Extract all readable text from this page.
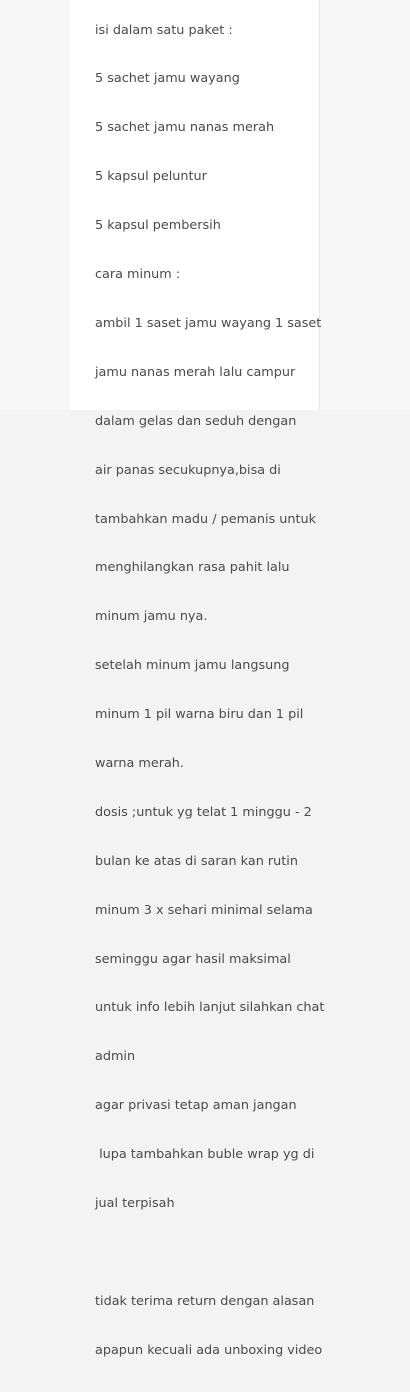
isi dalam satu paket :

5 sachet jamu wayang

5 sachet jamu nanas merah

5 kapsul peluntur

5 kapsul pembersih

cara minum :

ambil 1 saset jamu wayang 1 saset

jamu nanas merah lalu campur

dalam gelas dan seduh dengan

air panas secukupnya,bisa di

tambahkan madu / pemanis untuk

menghilangkan rasa pahit lalu

minum jamu nya.

setelah minum jamu langsung

minum 1 pil warna biru dan 1 pil

warna merah.

dosis ;untuk yg telat 1 minggu - 2

bulan ke atas di saran kan rutin

minum 3 x sehari minimal selama

seminggu agar hasil maksimal

untuk info lebih lanjut silahkan chat

admin

agar privasi tetap aman jangan

lupa tambahkan buble wrap yg di

jual terpisah

tidak terima return dengan alasan

apapun kecuali ada unboxing video
